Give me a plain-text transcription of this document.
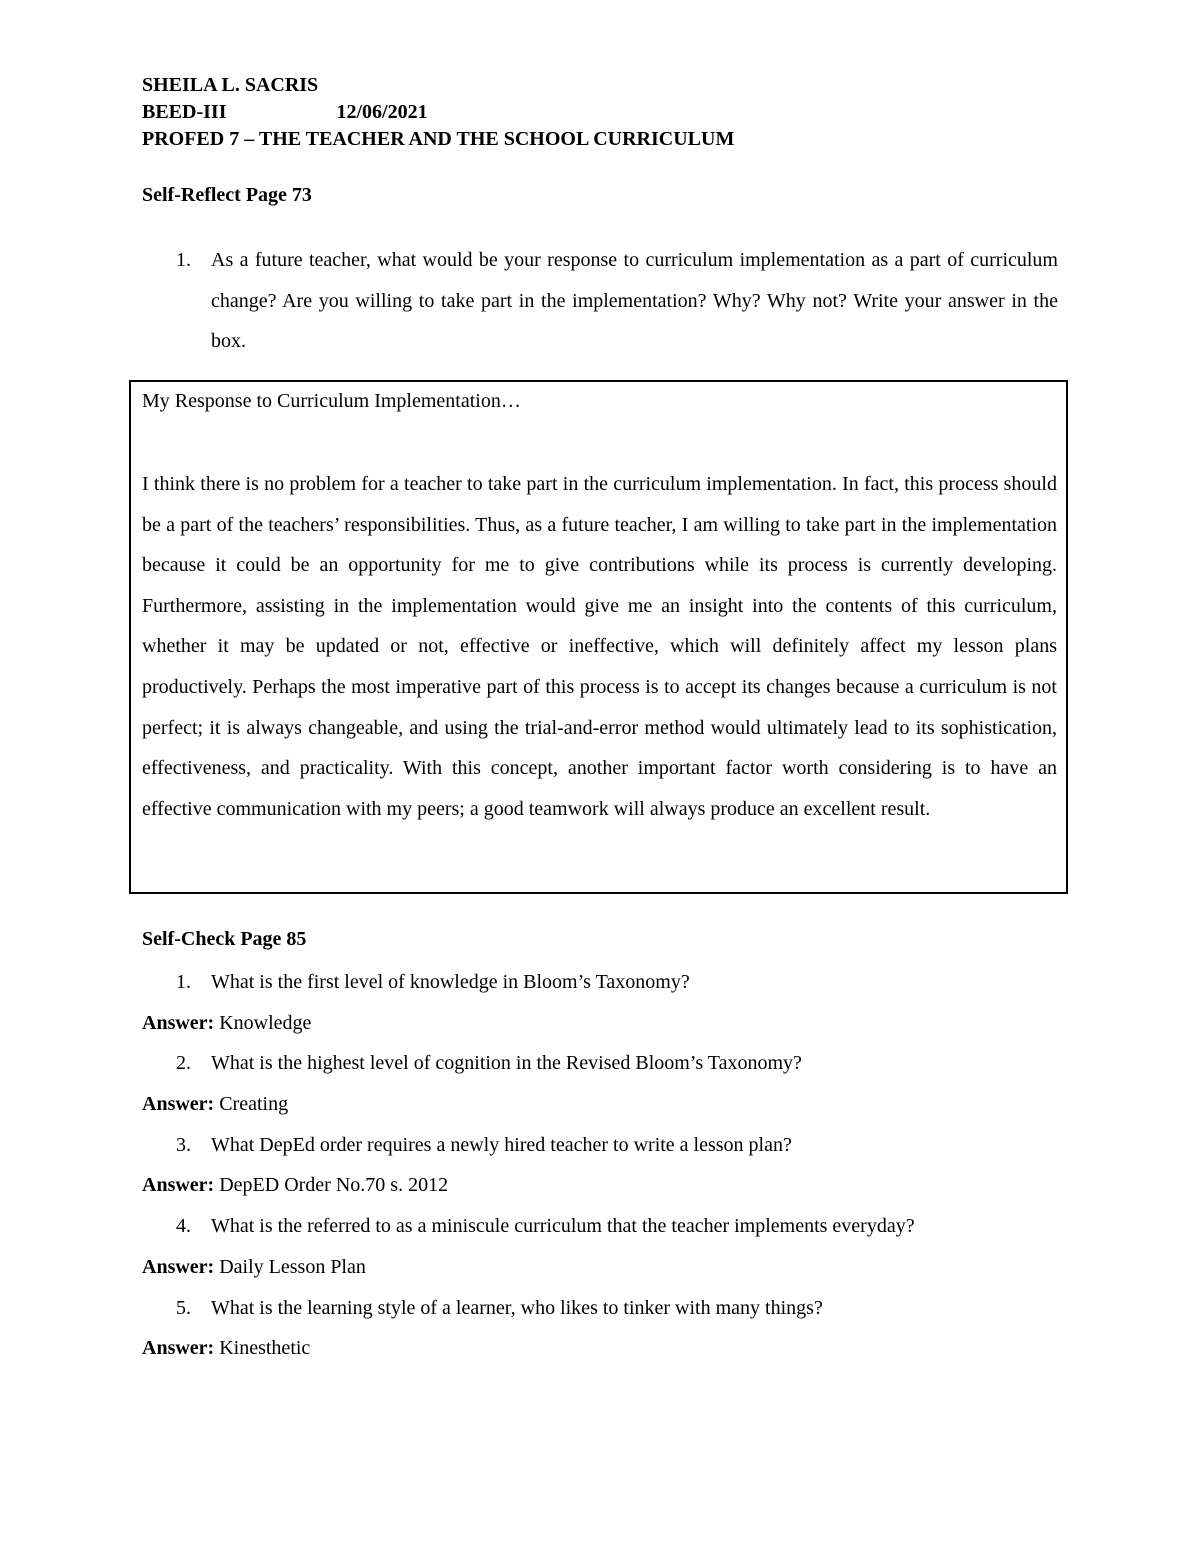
SHEILA L. SACRIS
BEED-III	12/06/2021
PROFED 7 – THE TEACHER AND THE SCHOOL CURRICULUM
Self-Reflect Page 73
1. As a future teacher, what would be your response to curriculum implementation as a part of curriculum change? Are you willing to take part in the implementation? Why? Why not? Write your answer in the box.
My Response to Curriculum Implementation…
I think there is no problem for a teacher to take part in the curriculum implementation. In fact, this process should be a part of the teachers’ responsibilities. Thus, as a future teacher, I am willing to take part in the implementation because it could be an opportunity for me to give contributions while its process is currently developing. Furthermore, assisting in the implementation would give me an insight into the contents of this curriculum, whether it may be updated or not, effective or ineffective, which will definitely affect my lesson plans productively. Perhaps the most imperative part of this process is to accept its changes because a curriculum is not perfect; it is always changeable, and using the trial-and-error method would ultimately lead to its sophistication, effectiveness, and practicality. With this concept, another important factor worth considering is to have an effective communication with my peers; a good teamwork will always produce an excellent result.
Self-Check Page 85
1. What is the first level of knowledge in Bloom’s Taxonomy?
Answer: Knowledge
2. What is the highest level of cognition in the Revised Bloom’s Taxonomy?
Answer: Creating
3. What DepEd order requires a newly hired teacher to write a lesson plan?
Answer: DepED Order No.70 s. 2012
4. What is the referred to as a miniscule curriculum that the teacher implements everyday?
Answer: Daily Lesson Plan
5. What is the learning style of a learner, who likes to tinker with many things?
Answer: Kinesthetic
